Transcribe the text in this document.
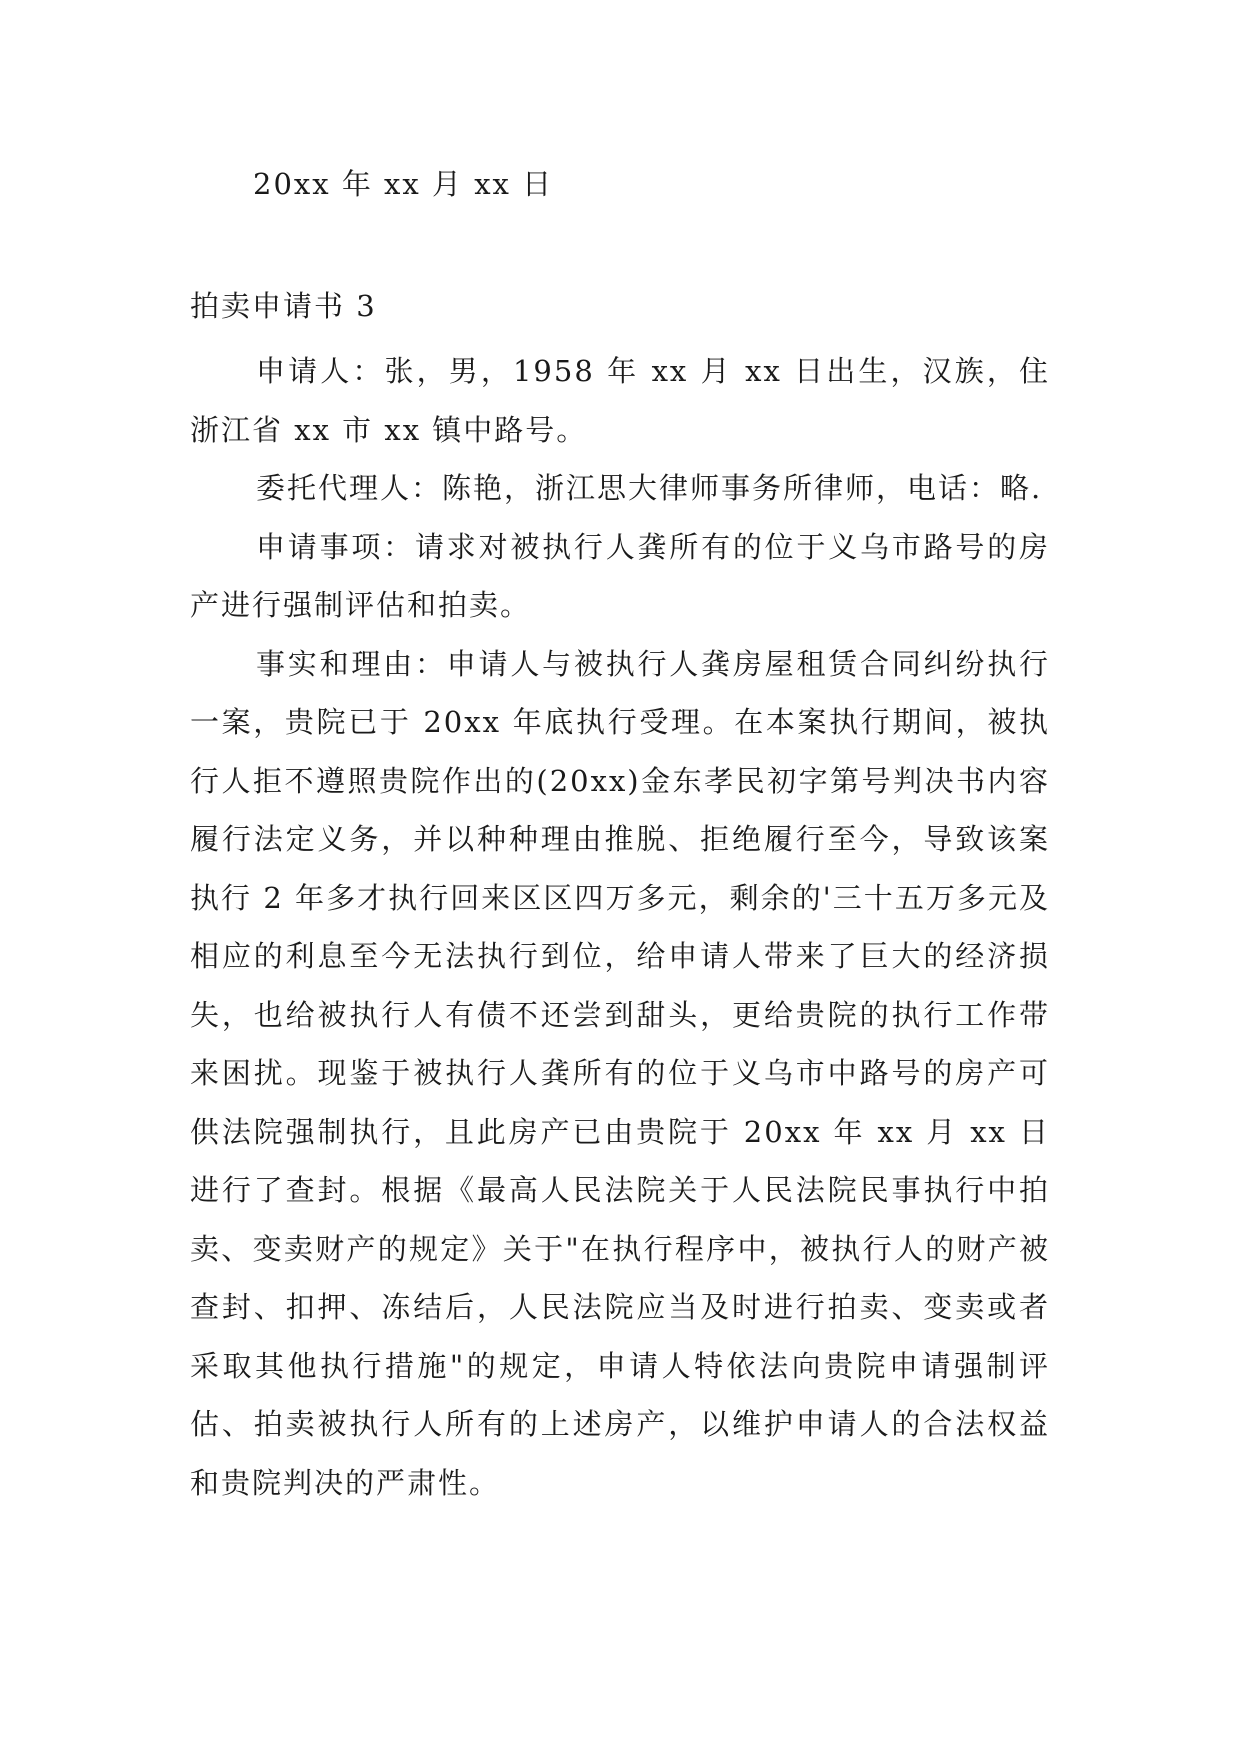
20xx 年 xx 月 xx 日
拍卖申请书 3

申请人：张，男，1958 年 xx 月 xx 日出生，汉族，住浙江省 xx 市 xx 镇中路号。

委托代理人：陈艳，浙江思大律师事务所律师，电话：略.

申请事项：请求对被执行人龚所有的位于义乌市路号的房产进行强制评估和拍卖。

事实和理由：申请人与被执行人龚房屋租赁合同纠纷执行一案，贵院已于 20xx 年底执行受理。在本案执行期间，被执行人拒不遵照贵院作出的(20xx)金东孝民初字第号判决书内容履行法定义务，并以种种理由推脱、拒绝履行至今，导致该案执行 2 年多才执行回来区区四万多元，剩余的'三十五万多元及相应的利息至今无法执行到位，给申请人带来了巨大的经济损失，也给被执行人有债不还尝到甜头，更给贵院的执行工作带来困扰。现鉴于被执行人龚所有的位于义乌市中路号的房产可供法院强制执行，且此房产已由贵院于 20xx 年 xx 月 xx 日进行了查封。根据《最高人民法院关于人民法院民事执行中拍卖、变卖财产的规定》关于"在执行程序中，被执行人的财产被查封、扣押、冻结后，人民法院应当及时进行拍卖、变卖或者采取其他执行措施"的规定，申请人特依法向贵院申请强制评估、拍卖被执行人所有的上述房产，以维护申请人的合法权益和贵院判决的严肃性。
